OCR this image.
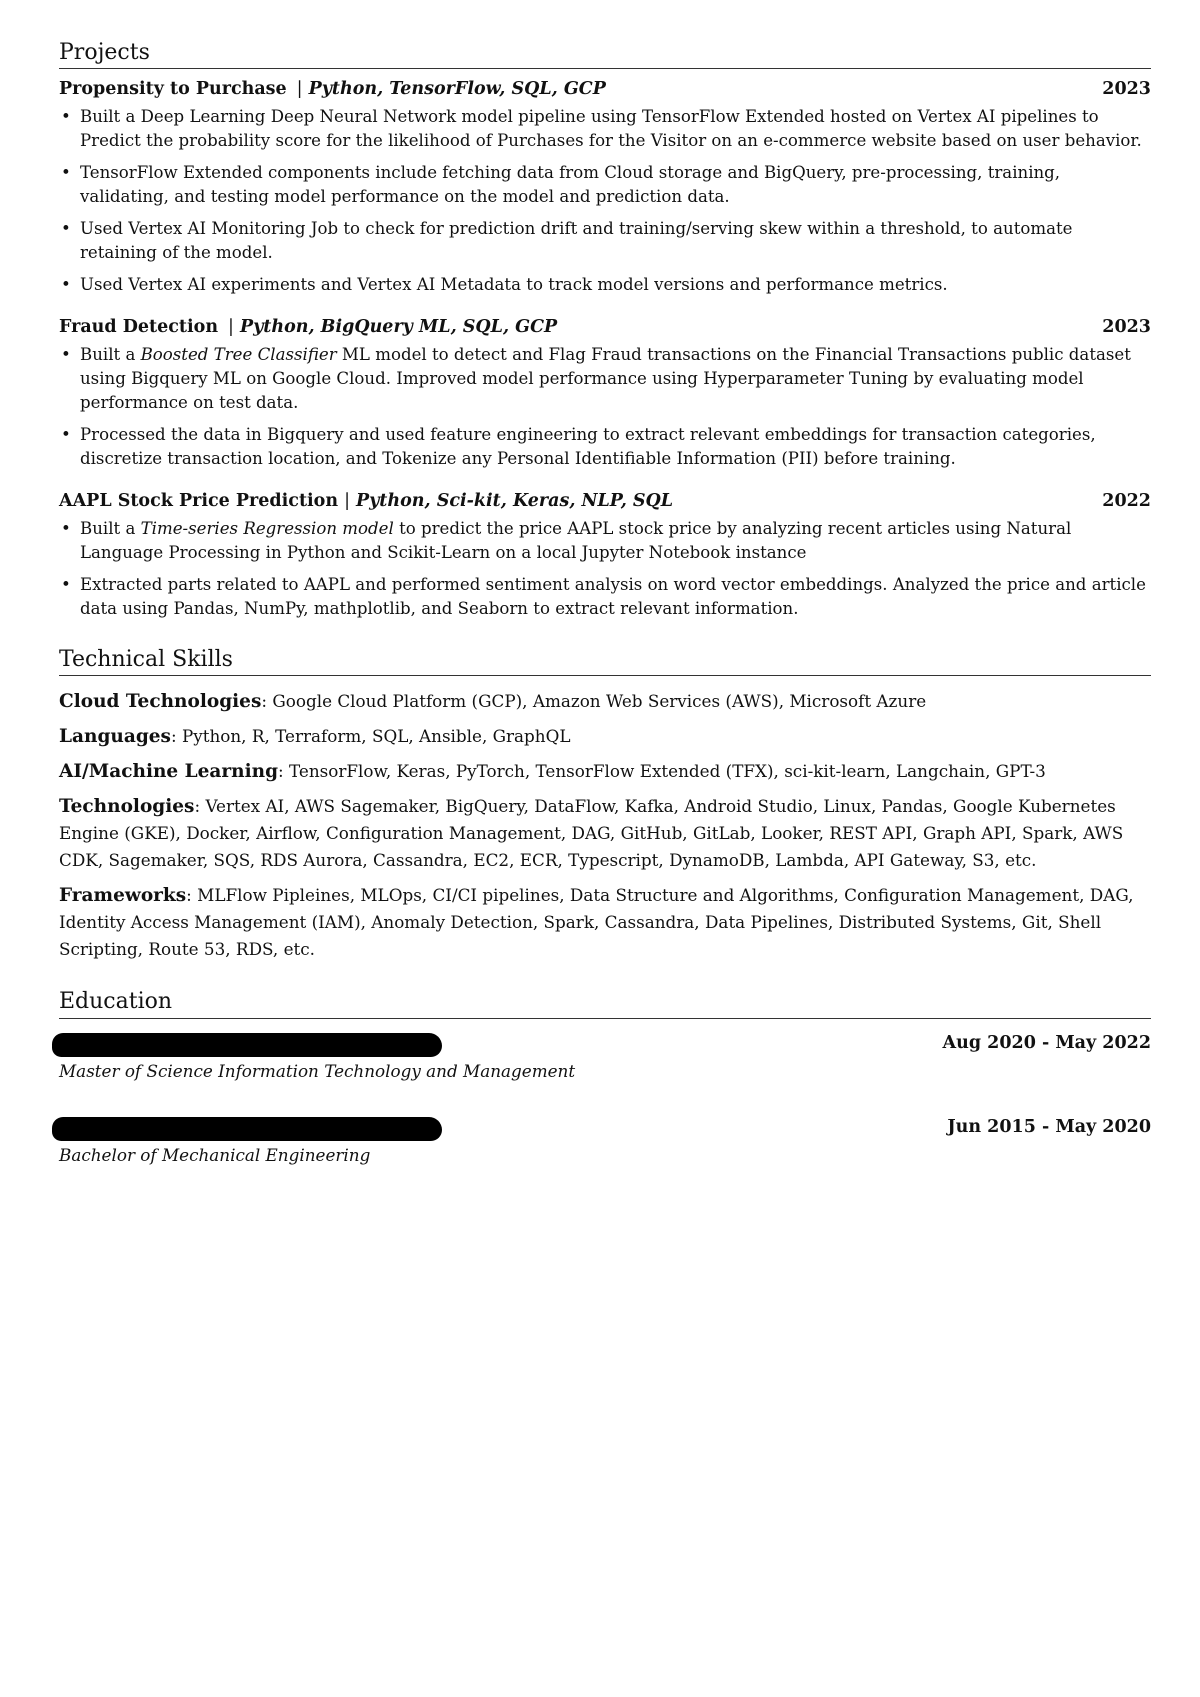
Projects
Propensity to Purchase | Python, TensorFlow, SQL, GCP	2023
• Built a Deep Learning Deep Neural Network model pipeline using TensorFlow Extended hosted on Vertex AI pipelines to Predict the probability score for the likelihood of Purchases for the Visitor on an e-commerce website based on user behavior.
• TensorFlow Extended components include fetching data from Cloud storage and BigQuery, pre-processing, training, validating, and testing model performance on the model and prediction data.
• Used Vertex AI Monitoring Job to check for prediction drift and training/serving skew within a threshold, to automate retaining of the model.
• Used Vertex AI experiments and Vertex AI Metadata to track model versions and performance metrics.
Fraud Detection | Python, BigQuery ML, SQL, GCP	2023
• Built a Boosted Tree Classifier ML model to detect and Flag Fraud transactions on the Financial Transactions public dataset using Bigquery ML on Google Cloud. Improved model performance using Hyperparameter Tuning by evaluating model performance on test data.
• Processed the data in Bigquery and used feature engineering to extract relevant embeddings for transaction categories, discretize transaction location, and Tokenize any Personal Identifiable Information (PII) before training.
AAPL Stock Price Prediction | Python, Sci-kit, Keras, NLP, SQL	2022
• Built a Time-series Regression model to predict the price AAPL stock price by analyzing recent articles using Natural Language Processing in Python and Scikit-Learn on a local Jupyter Notebook instance
• Extracted parts related to AAPL and performed sentiment analysis on word vector embeddings. Analyzed the price and article data using Pandas, NumPy, mathplotlib, and Seaborn to extract relevant information.
Technical Skills
Cloud Technologies: Google Cloud Platform (GCP), Amazon Web Services (AWS), Microsoft Azure
Languages: Python, R, Terraform, SQL, Ansible, GraphQL
AI/Machine Learning: TensorFlow, Keras, PyTorch, TensorFlow Extended (TFX), sci-kit-learn, Langchain, GPT-3
Technologies: Vertex AI, AWS Sagemaker, BigQuery, DataFlow, Kafka, Android Studio, Linux, Pandas, Google Kubernetes Engine (GKE), Docker, Airflow, Configuration Management, DAG, GitHub, GitLab, Looker, REST API, Graph API, Spark, AWS CDK, Sagemaker, SQS, RDS Aurora, Cassandra, EC2, ECR, Typescript, DynamoDB, Lambda, API Gateway, S3, etc.
Frameworks: MLFlow Pipleines, MLOps, CI/CI pipelines, Data Structure and Algorithms, Configuration Management, DAG, Identity Access Management (IAM), Anomaly Detection, Spark, Cassandra, Data Pipelines, Distributed Systems, Git, Shell Scripting, Route 53, RDS, etc.
Education
Aug 2020 - May 2022
Master of Science Information Technology and Management
Jun 2015 - May 2020
Bachelor of Mechanical Engineering
